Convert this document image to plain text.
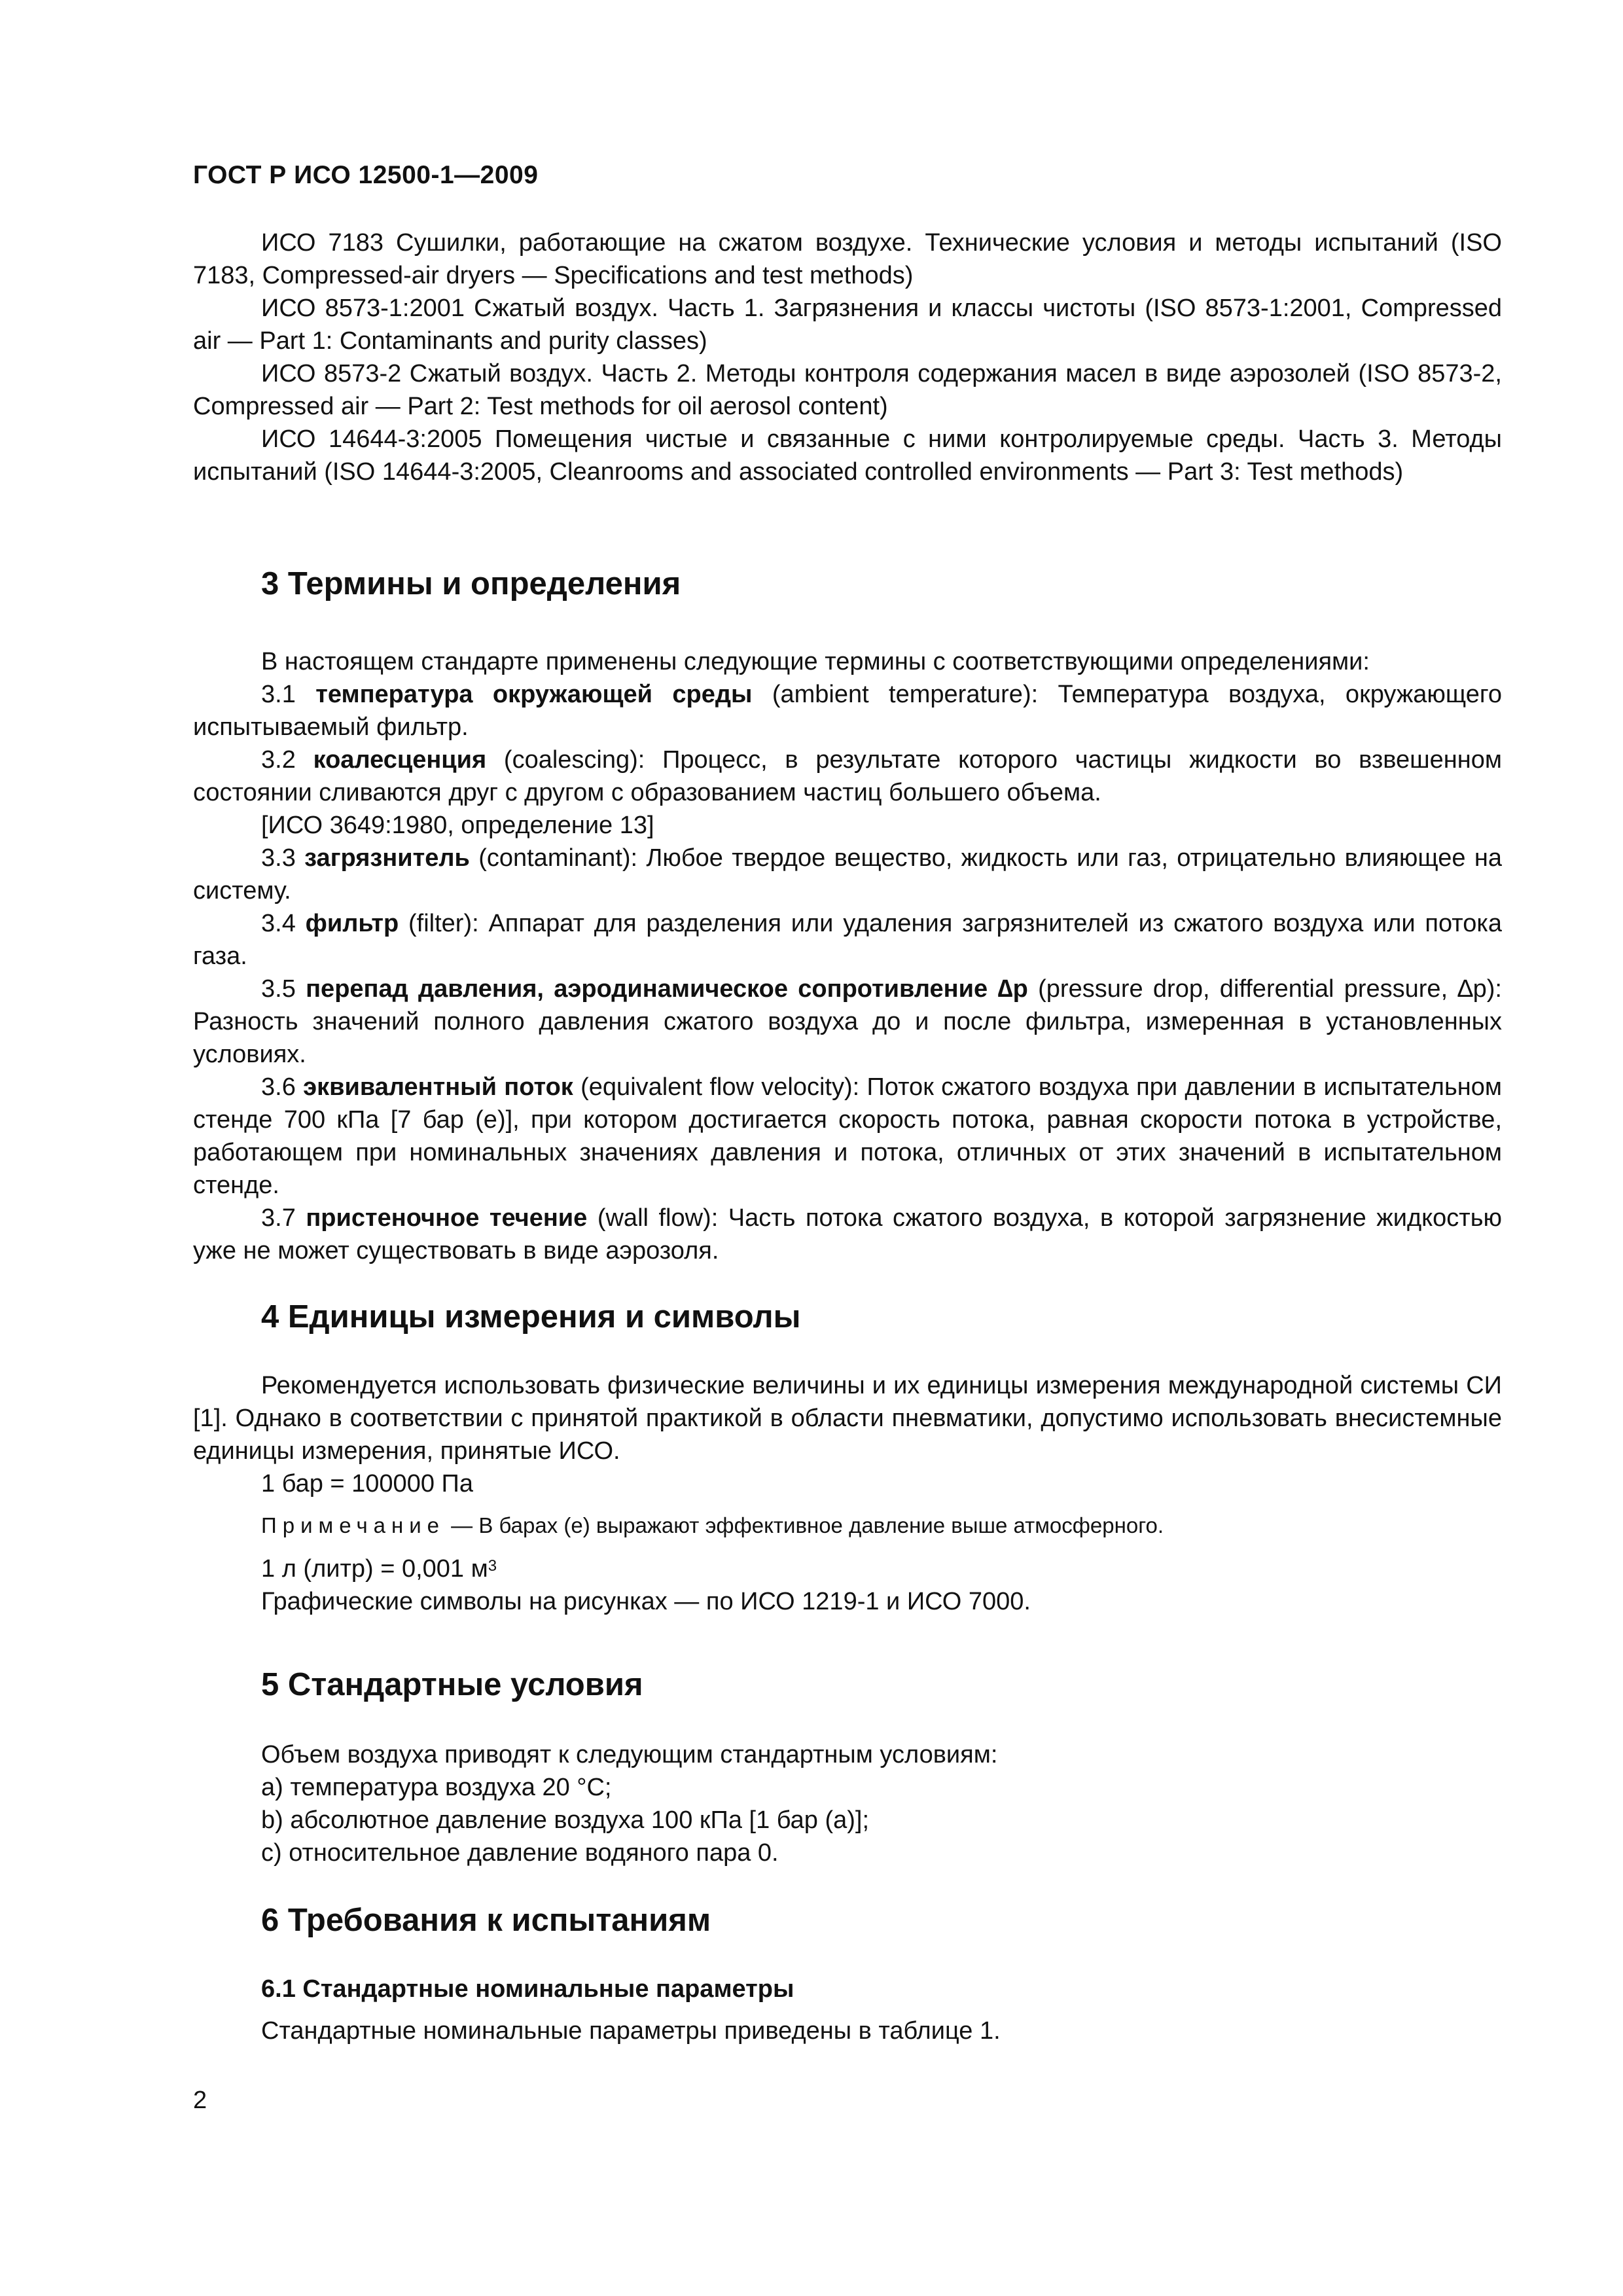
ГОСТ Р ИСО 12500-1—2009

ИСО 7183 Сушилки, работающие на сжатом воздухе. Технические условия и методы испытаний (ISO 7183, Compressed-air dryers — Specifications and test methods)

ИСО 8573-1:2001 Сжатый воздух. Часть 1. Загрязнения и классы чистоты (ISO 8573-1:2001, Compressed air — Part 1: Contaminants and purity classes)

ИСО 8573-2 Сжатый воздух. Часть 2. Методы контроля содержания масел в виде аэрозолей (ISO 8573-2, Compressed air — Part 2: Test methods for oil aerosol content)

ИСО 14644-3:2005 Помещения чистые и связанные с ними контролируемые среды. Часть 3. Методы испытаний (ISO 14644-3:2005, Cleanrooms and associated controlled environments — Part 3: Test methods)

3 Термины и определения

В настоящем стандарте применены следующие термины с соответствующими определениями:

3.1 температура окружающей среды (ambient temperature): Температура воздуха, окружающего испытываемый фильтр.

3.2 коалесценция (coalescing): Процесс, в результате которого частицы жидкости во взвешенном состоянии сливаются друг с другом с образованием частиц большего объема.

[ИСО 3649:1980, определение 13]

3.3 загрязнитель (contaminant): Любое твердое вещество, жидкость или газ, отрицательно влияющее на систему.

3.4 фильтр (filter): Аппарат для разделения или удаления загрязнителей из сжатого воздуха или потока газа.

3.5 перепад давления, аэродинамическое сопротивление ∆p (pressure drop, differential pressure, ∆p): Разность значений полного давления сжатого воздуха до и после фильтра, измеренная в установленных условиях.

3.6 эквивалентный поток (equivalent flow velocity): Поток сжатого воздуха при давлении в испытательном стенде 700 кПа [7 бар (е)], при котором достигается скорость потока, равная скорости потока в устройстве, работающем при номинальных значениях давления и потока, отличных от этих значений в испытательном стенде.

3.7 пристеночное течение (wall flow): Часть потока сжатого воздуха, в которой загрязнение жидкостью уже не может существовать в виде аэрозоля.

4 Единицы измерения и символы

Рекомендуется использовать физические величины и их единицы измерения международной системы СИ [1]. Однако в соответствии с принятой практикой в области пневматики, допустимо использовать внесистемные единицы измерения, принятые ИСО.

1 бар = 100000 Па

Примечание — В барах (е) выражают эффективное давление выше атмосферного.

1 л (литр) = 0,001 $м^3$

Графические символы на рисунках — по ИСО 1219-1 и ИСО 7000.

5 Стандартные условия

Объем воздуха приводят к следующим стандартным условиям:

a) температура воздуха 20 °С;

b) абсолютное давление воздуха 100 кПа [1 бар (а)];

c) относительное давление водяного пара 0.

6 Требования к испытаниям
6.1 Стандартные номинальные параметры

Стандартные номинальные параметры приведены в таблице 1.

2
